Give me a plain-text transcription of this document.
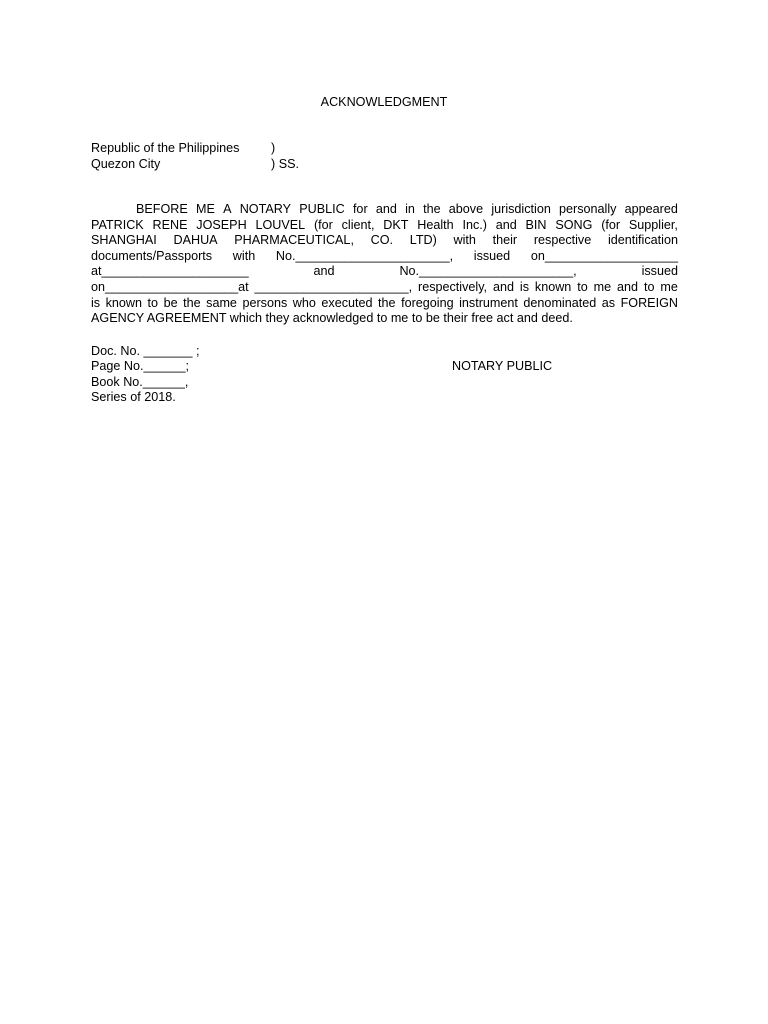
ACKNOWLEDGMENT
Republic of the Philippines	)
Quezon City	) SS.
BEFORE ME A NOTARY PUBLIC for and in the above jurisdiction personally appeared
PATRICK RENE JOSEPH LOUVEL (for client, DKT Health Inc.) and BIN SONG (for Supplier,
SHANGHAI DAHUA PHARMACEUTICAL, CO. LTD) with their respective identification
documents/Passports with No.______________________, issued on___________________
at_____________________	and	No.______________________,	issued
on___________________at ______________________, respectively, and is known to me and to me
is known to be the same persons who executed the foregoing instrument denominated as FOREIGN
AGENCY AGREEMENT which they acknowledged to me to be their free act and deed.
Doc. No. _______ ;
Page No.______;
Book No.______,
Series of 2018.
NOTARY PUBLIC
